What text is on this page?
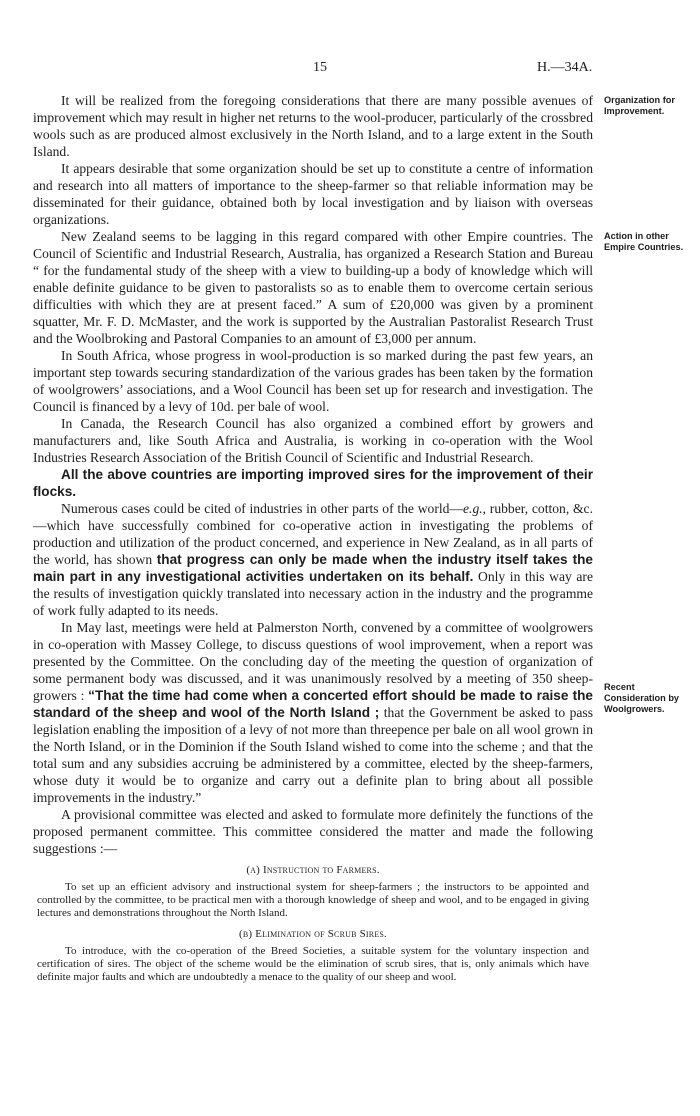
15	H.—34A.
Organization for Improvement.
Action in other Empire Countries.
Recent Consideration by Woolgrowers.

It will be realized from the foregoing considerations that there are many possible avenues of improvement which may result in higher net returns to the wool-producer, particularly of the crossbred wools such as are produced almost exclusively in the North Island, and to a large extent in the South Island.

It appears desirable that some organization should be set up to constitute a centre of information and research into all matters of importance to the sheep-farmer so that reliable information may be disseminated for their guidance, obtained both by local investigation and by liaison with overseas organizations.

New Zealand seems to be lagging in this regard compared with other Empire countries. The Council of Scientific and Industrial Research, Australia, has organized a Research Station and Bureau “ for the fundamental study of the sheep with a view to building-up a body of knowledge which will enable definite guidance to be given to pastoralists so as to enable them to overcome certain serious difficulties with which they are at present faced.” A sum of £20,000 was given by a prominent squatter, Mr. F. D. McMaster, and the work is supported by the Australian Pastoralist Research Trust and the Woolbroking and Pastoral Companies to an amount of £3,000 per annum.

In South Africa, whose progress in wool-production is so marked during the past few years, an important step towards securing standardization of the various grades has been taken by the formation of woolgrowers’ associations, and a Wool Council has been set up for research and investigation. The Council is financed by a levy of 10d. per bale of wool.

In Canada, the Research Council has also organized a combined effort by growers and manufacturers and, like South Africa and Australia, is working in co-operation with the Wool Industries Research Association of the British Council of Scientific and Industrial Research.

All the above countries are importing improved sires for the improvement of their flocks.

Numerous cases could be cited of industries in other parts of the world—e.g., rubber, cotton, &c.—which have successfully combined for co-operative action in investigating the problems of production and utilization of the product concerned, and experience in New Zealand, as in all parts of the world, has shown that progress can only be made when the industry itself takes the main part in any investigational activities undertaken on its behalf. Only in this way are the results of investigation quickly translated into necessary action in the industry and the programme of work fully adapted to its needs.

In May last, meetings were held at Palmerston North, convened by a committee of woolgrowers in co-operation with Massey College, to discuss questions of wool improvement, when a report was presented by the Committee. On the concluding day of the meeting the question of organization of some permanent body was discussed, and it was unanimously resolved by a meeting of 350 sheep-growers : “That the time had come when a concerted effort should be made to raise the standard of the sheep and wool of the North Island ; that the Government be asked to pass legislation enabling the imposition of a levy of not more than threepence per bale on all wool grown in the North Island, or in the Dominion if the South Island wished to come into the scheme ; and that the total sum and any subsidies accruing be administered by a committee, elected by the sheep-farmers, whose duty it would be to organize and carry out a definite plan to bring about all possible improvements in the industry.”

A provisional committee was elected and asked to formulate more definitely the functions of the proposed permanent committee. This committee considered the matter and made the following suggestions :—

(a) Instruction to Farmers.
To set up an efficient advisory and instructional system for sheep-farmers ; the instructors to be appointed and controlled by the committee, to be practical men with a thorough knowledge of sheep and wool, and to be engaged in giving lectures and demonstrations throughout the North Island.
(b) Elimination of Scrub Sires.
To introduce, with the co-operation of the Breed Societies, a suitable system for the voluntary inspection and certification of sires. The object of the scheme would be the elimination of scrub sires, that is, only animals which have definite major faults and which are undoubtedly a menace to the quality of our sheep and wool.
